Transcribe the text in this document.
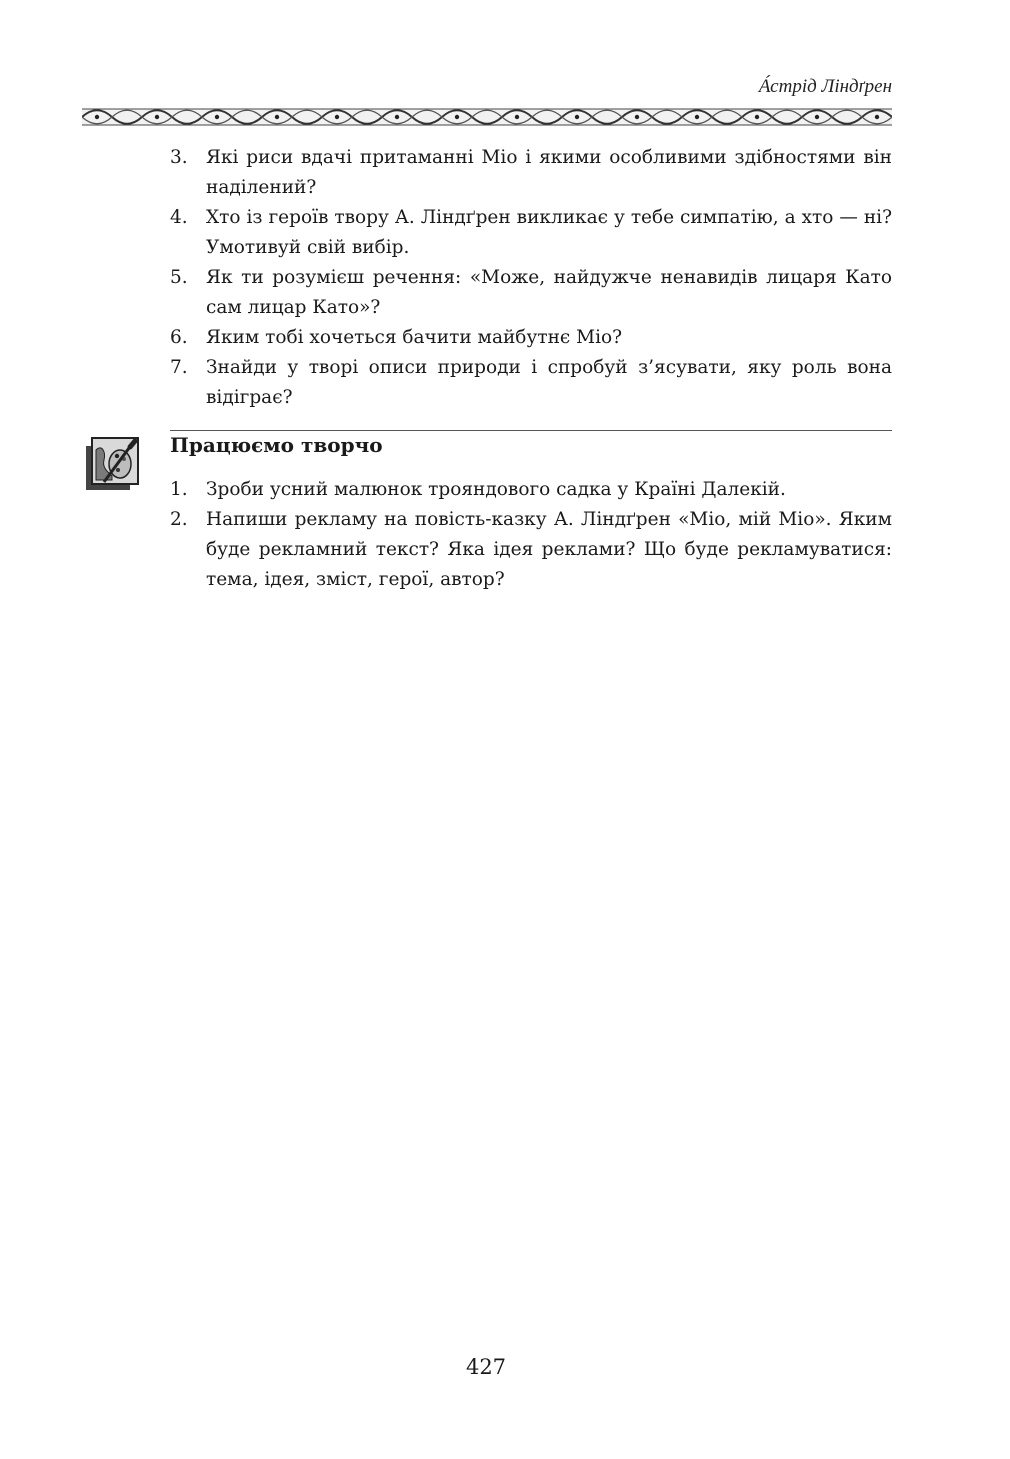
А́стрід Ліндґрен
3. Які риси вдачі притаманні Міо і якими особливими здібностями він наділений?
4. Хто із героїв твору А. Ліндґрен викликає у тебе симпатію, а хто — ні? Умотивуй свій вибір.
5. Як ти розумієш речення: «Може, найдужче ненавидів лицаря Като сам лицар Като»?
6. Яким тобі хочеться бачити майбутнє Міо?
7. Знайди у творі описи природи і спробуй з’ясувати, яку роль вона відіграє?
Працюємо творчо
1. Зроби усний малюнок трояндового садка у Країні Далекій.
2. Напиши рекламу на повість-казку А. Ліндґрен «Міо, мій Міо». Яким буде рекламний текст? Яка ідея реклами? Що буде рекламуватися: тема, ідея, зміст, герої, автор?
427
